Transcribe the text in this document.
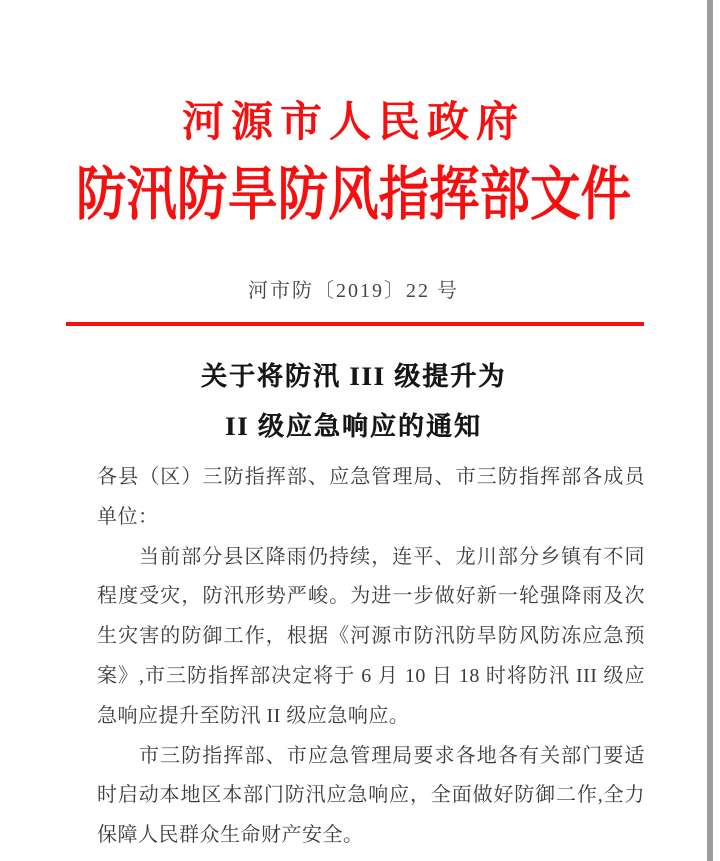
河源市人民政府
防汛防旱防风指挥部文件
河市防〔2019〕22 号
关于将防汛 III 级提升为
II 级应急响应的通知
各县（区）三防指挥部、应急管理局、市三防指挥部各成员
单位：
当前部分县区降雨仍持续，连平、龙川部分乡镇有不同
程度受灾，防汛形势严峻。为进一步做好新一轮强降雨及次
生灾害的防御工作，根据《河源市防汛防旱防风防冻应急预
案》,市三防指挥部决定将于 6 月 10 日 18 时将防汛 III 级应
急响应提升至防汛 II 级应急响应。
市三防指挥部、市应急管理局要求各地各有关部门要适
时启动本地区本部门防汛应急响应，全面做好防御二作,全力
保障人民群众生命财产安全。
